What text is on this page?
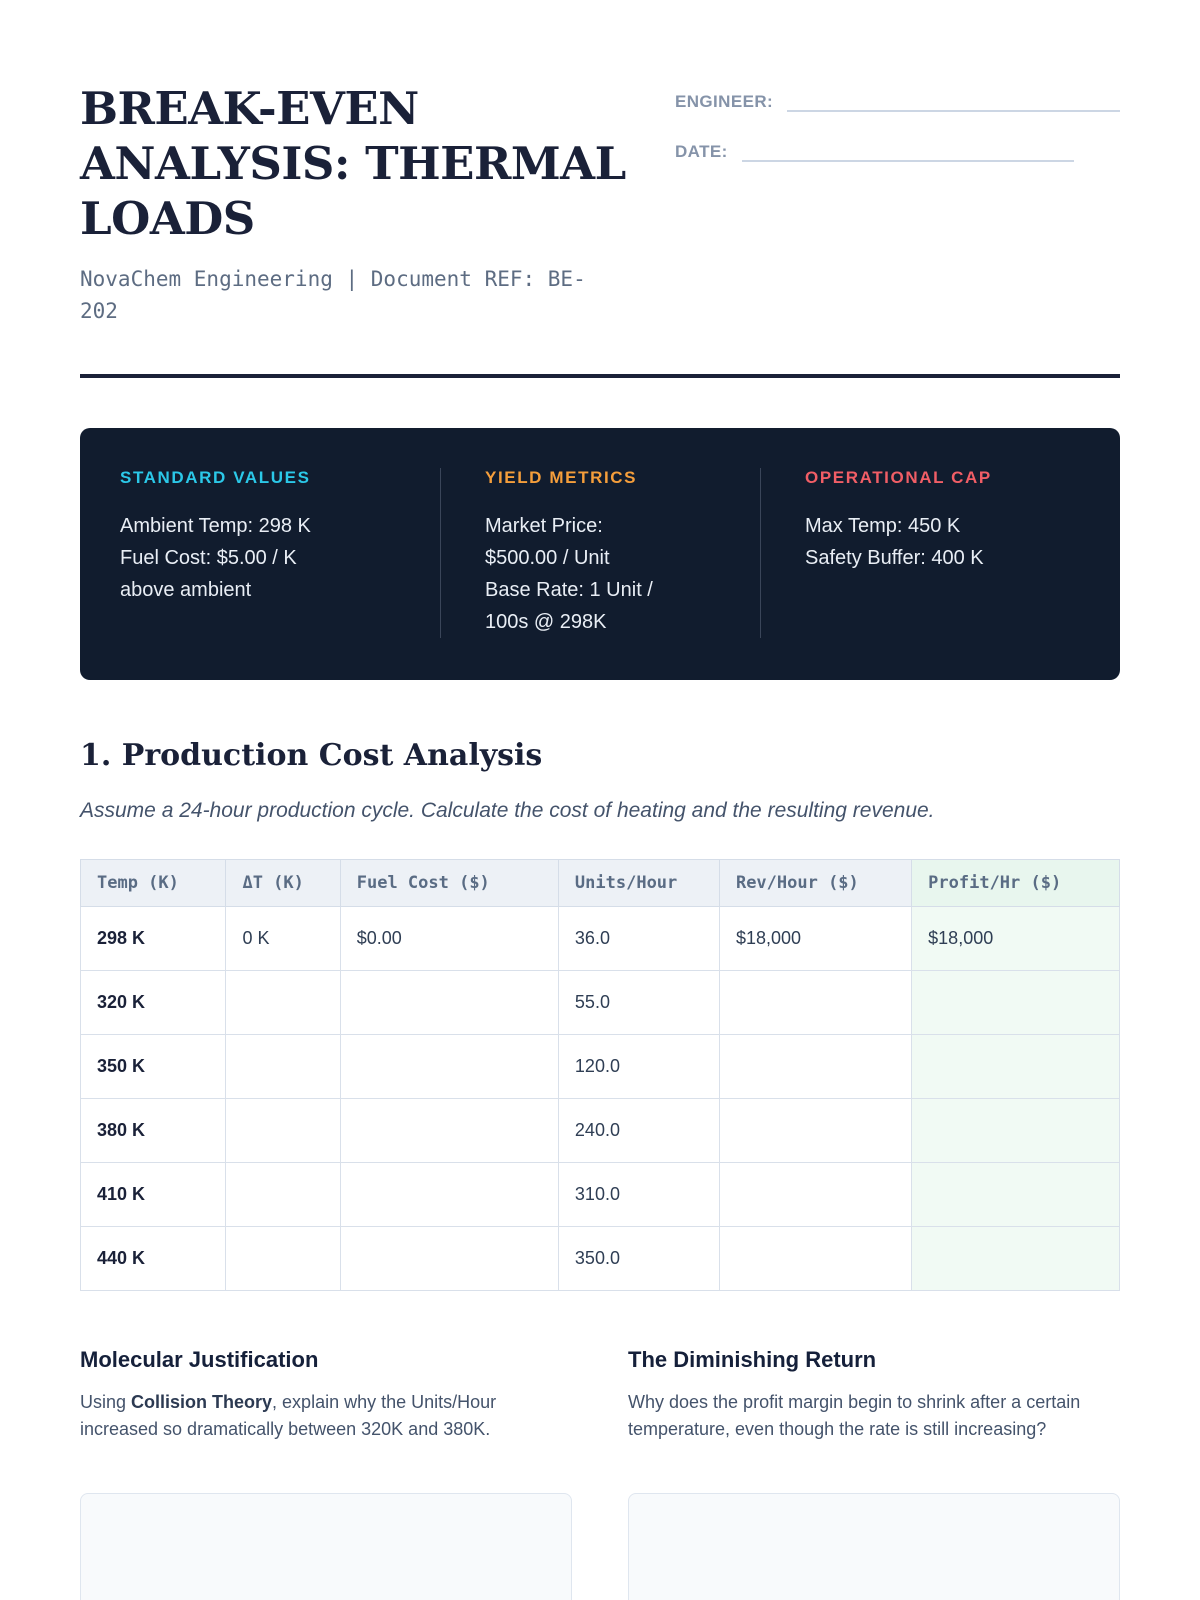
BREAK-EVEN ANALYSIS: THERMAL LOADS

NovaChem Engineering | Document REF: BE-202

ENGINEER:
DATE:
STANDARD VALUES
Ambient Temp: 298 K
Fuel Cost: $5.00 / K
above ambient
YIELD METRICS
Market Price:
$500.00 / Unit
Base Rate: 1 Unit /
100s @ 298K
OPERATIONAL CAP
Max Temp: 450 K
Safety Buffer: 400 K
1. Production Cost Analysis

Assume a 24-hour production cycle. Calculate the cost of heating and the resulting revenue.

Temp (K)	ΔT (K)	Fuel Cost ($)	Units/Hour	Rev/Hour ($)	Profit/Hr ($)
298 K	0 K	$0.00	36.0	$18,000	$18,000
320 K			55.0		
350 K			120.0		
380 K			240.0		
410 K			310.0		
440 K			350.0		
Molecular Justification

Using Collision Theory, explain why the Units/Hour increased so dramatically between 320K and 380K.

The Diminishing Return

Why does the profit margin begin to shrink after a certain temperature, even though the rate is still increasing?
